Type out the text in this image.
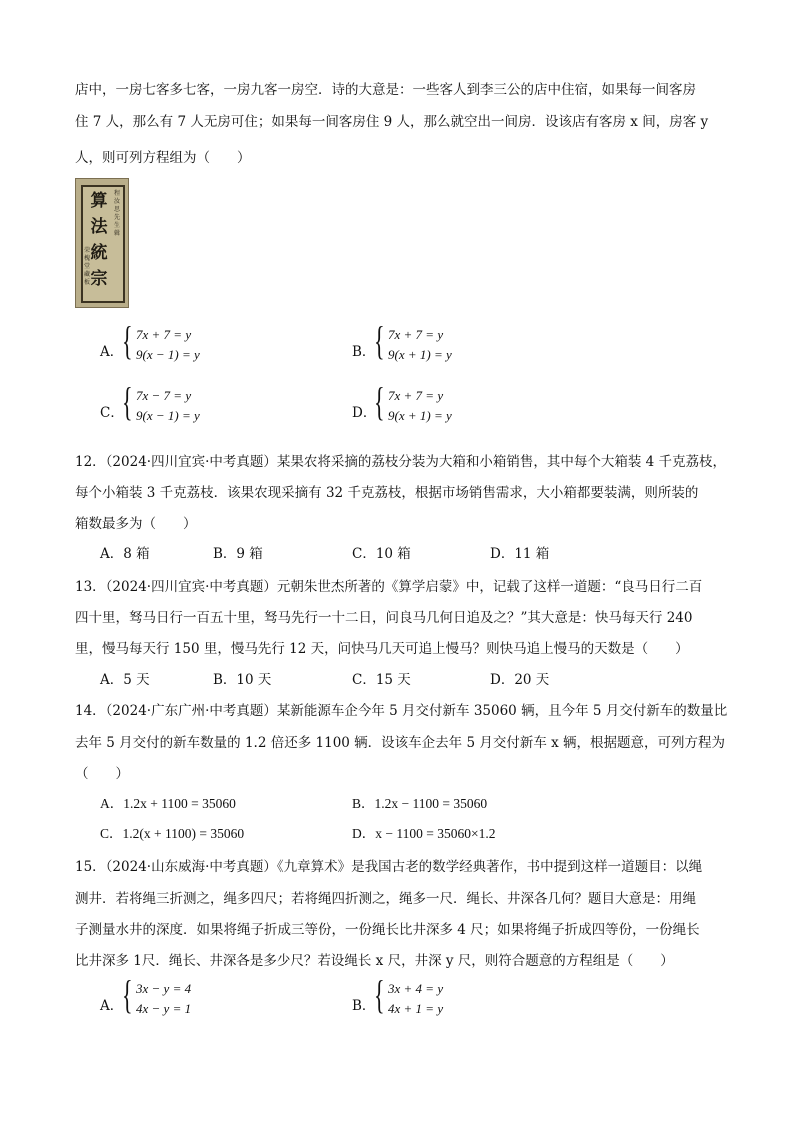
店中，一房七客多七客，一房九客一房空．诗的大意是：一些客人到李三公的店中住宿，如果每一间客房
住 7 人，那么有 7 人无房可住；如果每一间客房住 9 人，那么就空出一间房．设该店有客房 x 间，房客 y
人，则可列方程组为（　　）
算
法
統
宗
程汝思先生辑
荣槐堂藏板
A．
{ 7x + 7 = y
9(x − 1) = y	B．
{ 7x + 7 = y
9(x + 1) = y
C．
{ 7x − 7 = y
9(x − 1) = y	D．
{ 7x + 7 = y
9(x + 1) = y
12．（2024·四川宜宾·中考真题）某果农将采摘的荔枝分装为大箱和小箱销售，其中每个大箱装 4 千克荔枝，
每个小箱装 3 千克荔枝．该果农现采摘有 32 千克荔枝，根据市场销售需求，大小箱都要装满，则所装的
箱数最多为（　　）
A．8 箱	B．9 箱	C．10 箱	D．11 箱
13．（2024·四川宜宾·中考真题）元朝朱世杰所著的《算学启蒙》中，记载了这样一道题：“良马日行二百
四十里，驽马日行一百五十里，驽马先行一十二日，问良马几何日追及之？”其大意是：快马每天行 240
里，慢马每天行 150 里，慢马先行 12 天，问快马几天可追上慢马？则快马追上慢马的天数是（　　）
A．5 天	B．10 天	C．15 天	D．20 天
14．（2024·广东广州·中考真题）某新能源车企今年 5 月交付新车 35060 辆，且今年 5 月交付新车的数量比
去年 5 月交付的新车数量的 1.2 倍还多 1100 辆．设该车企去年 5 月交付新车 x 辆，根据题意，可列方程为
（　　）
A．1.2x + 1100 = 35060	B．1.2x − 1100 = 35060
C．1.2(x + 1100) = 35060	D．x − 1100 = 35060×1.2
15．（2024·山东威海·中考真题）《九章算术》是我国古老的数学经典著作，书中提到这样一道题目：以绳
测井．若将绳三折测之，绳多四尺；若将绳四折测之，绳多一尺．绳长、井深各几何？题目大意是：用绳
子测量水井的深度．如果将绳子折成三等份，一份绳长比井深多 4 尺；如果将绳子折成四等份，一份绳长
比井深多 1尺．绳长、井深各是多少尺？若设绳长 x 尺，井深 y 尺，则符合题意的方程组是（　　）
A．
{ 3x − y = 4
4x − y = 1	B．
{ 3x + 4 = y
4x + 1 = y
